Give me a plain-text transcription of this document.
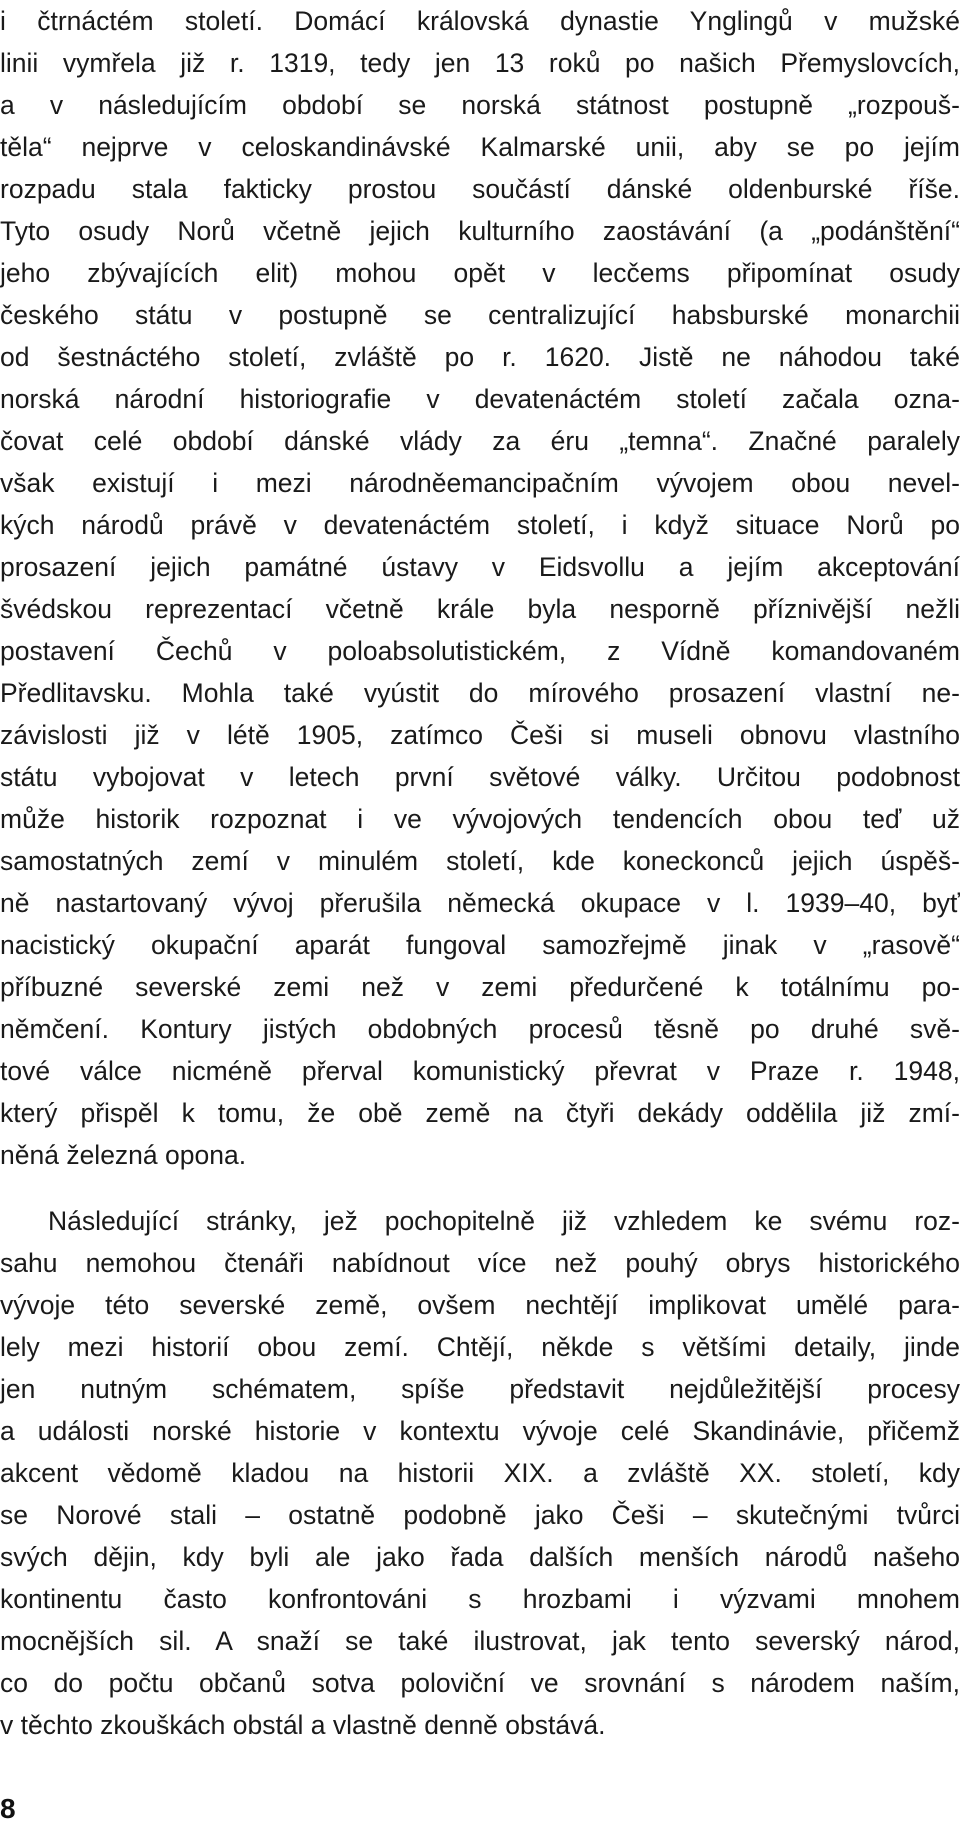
i čtrnáctém století. Domácí královská dynastie Ynglingů v mužské
linii vymřela již r. 1319, tedy jen 13 roků po našich Přemyslovcích,
a v následujícím období se norská státnost postupně „rozpouš-
těla“ nejprve v celoskandinávské Kalmarské unii, aby se po jejím
rozpadu stala fakticky prostou součástí dánské oldenburské říše.
Tyto osudy Norů včetně jejich kulturního zaostávání (a „podánštění“
jeho zbývajících elit) mohou opět v lecčems připomínat osudy
českého státu v postupně se centralizující habsburské monarchii
od šestnáctého století, zvláště po r. 1620. Jistě ne náhodou také
norská národní historiografie v devatenáctém století začala ozna-
čovat celé období dánské vlády za éru „temna“. Značné paralely
však existují i mezi národněemancipačním vývojem obou nevel-
kých národů právě v devatenáctém století, i když situace Norů po
prosazení jejich památné ústavy v Eidsvollu a jejím akceptování
švédskou reprezentací včetně krále byla nesporně příznivější nežli
postavení Čechů v poloabsolutistickém, z Vídně komandovaném
Předlitavsku. Mohla také vyústit do mírového prosazení vlastní ne-
závislosti již v létě 1905, zatímco Češi si museli obnovu vlastního
státu vybojovat v letech první světové války. Určitou podobnost
může historik rozpoznat i ve vývojových tendencích obou teď už
samostatných zemí v minulém století, kde koneckonců jejich úspěš-
ně nastartovaný vývoj přerušila německá okupace v l. 1939–40, byť
nacistický okupační aparát fungoval samozřejmě jinak v „rasově“
příbuzné severské zemi než v zemi předurčené k totálnímu po-
němčení. Kontury jistých obdobných procesů těsně po druhé svě-
tové válce nicméně přerval komunistický převrat v Praze r. 1948,
který přispěl k tomu, že obě země na čtyři dekády oddělila již zmí-
něná železná opona.
Následující stránky, jež pochopitelně již vzhledem ke svému roz-
sahu nemohou čtenáři nabídnout více než pouhý obrys historického
vývoje této severské země, ovšem nechtějí implikovat umělé para-
lely mezi historií obou zemí. Chtějí, někde s většími detaily, jinde
jen nutným schématem, spíše představit nejdůležitější procesy
a události norské historie v kontextu vývoje celé Skandinávie, přičemž
akcent vědomě kladou na historii XIX. a zvláště XX. století, kdy
se Norové stali – ostatně podobně jako Češi – skutečnými tvůrci
svých dějin, kdy byli ale jako řada dalších menších národů našeho
kontinentu často konfrontováni s hrozbami i výzvami mnohem
mocnějších sil. A snaží se také ilustrovat, jak tento severský národ,
co do počtu občanů sotva poloviční ve srovnání s národem naším,
v těchto zkouškách obstál a vlastně denně obstává.
8
